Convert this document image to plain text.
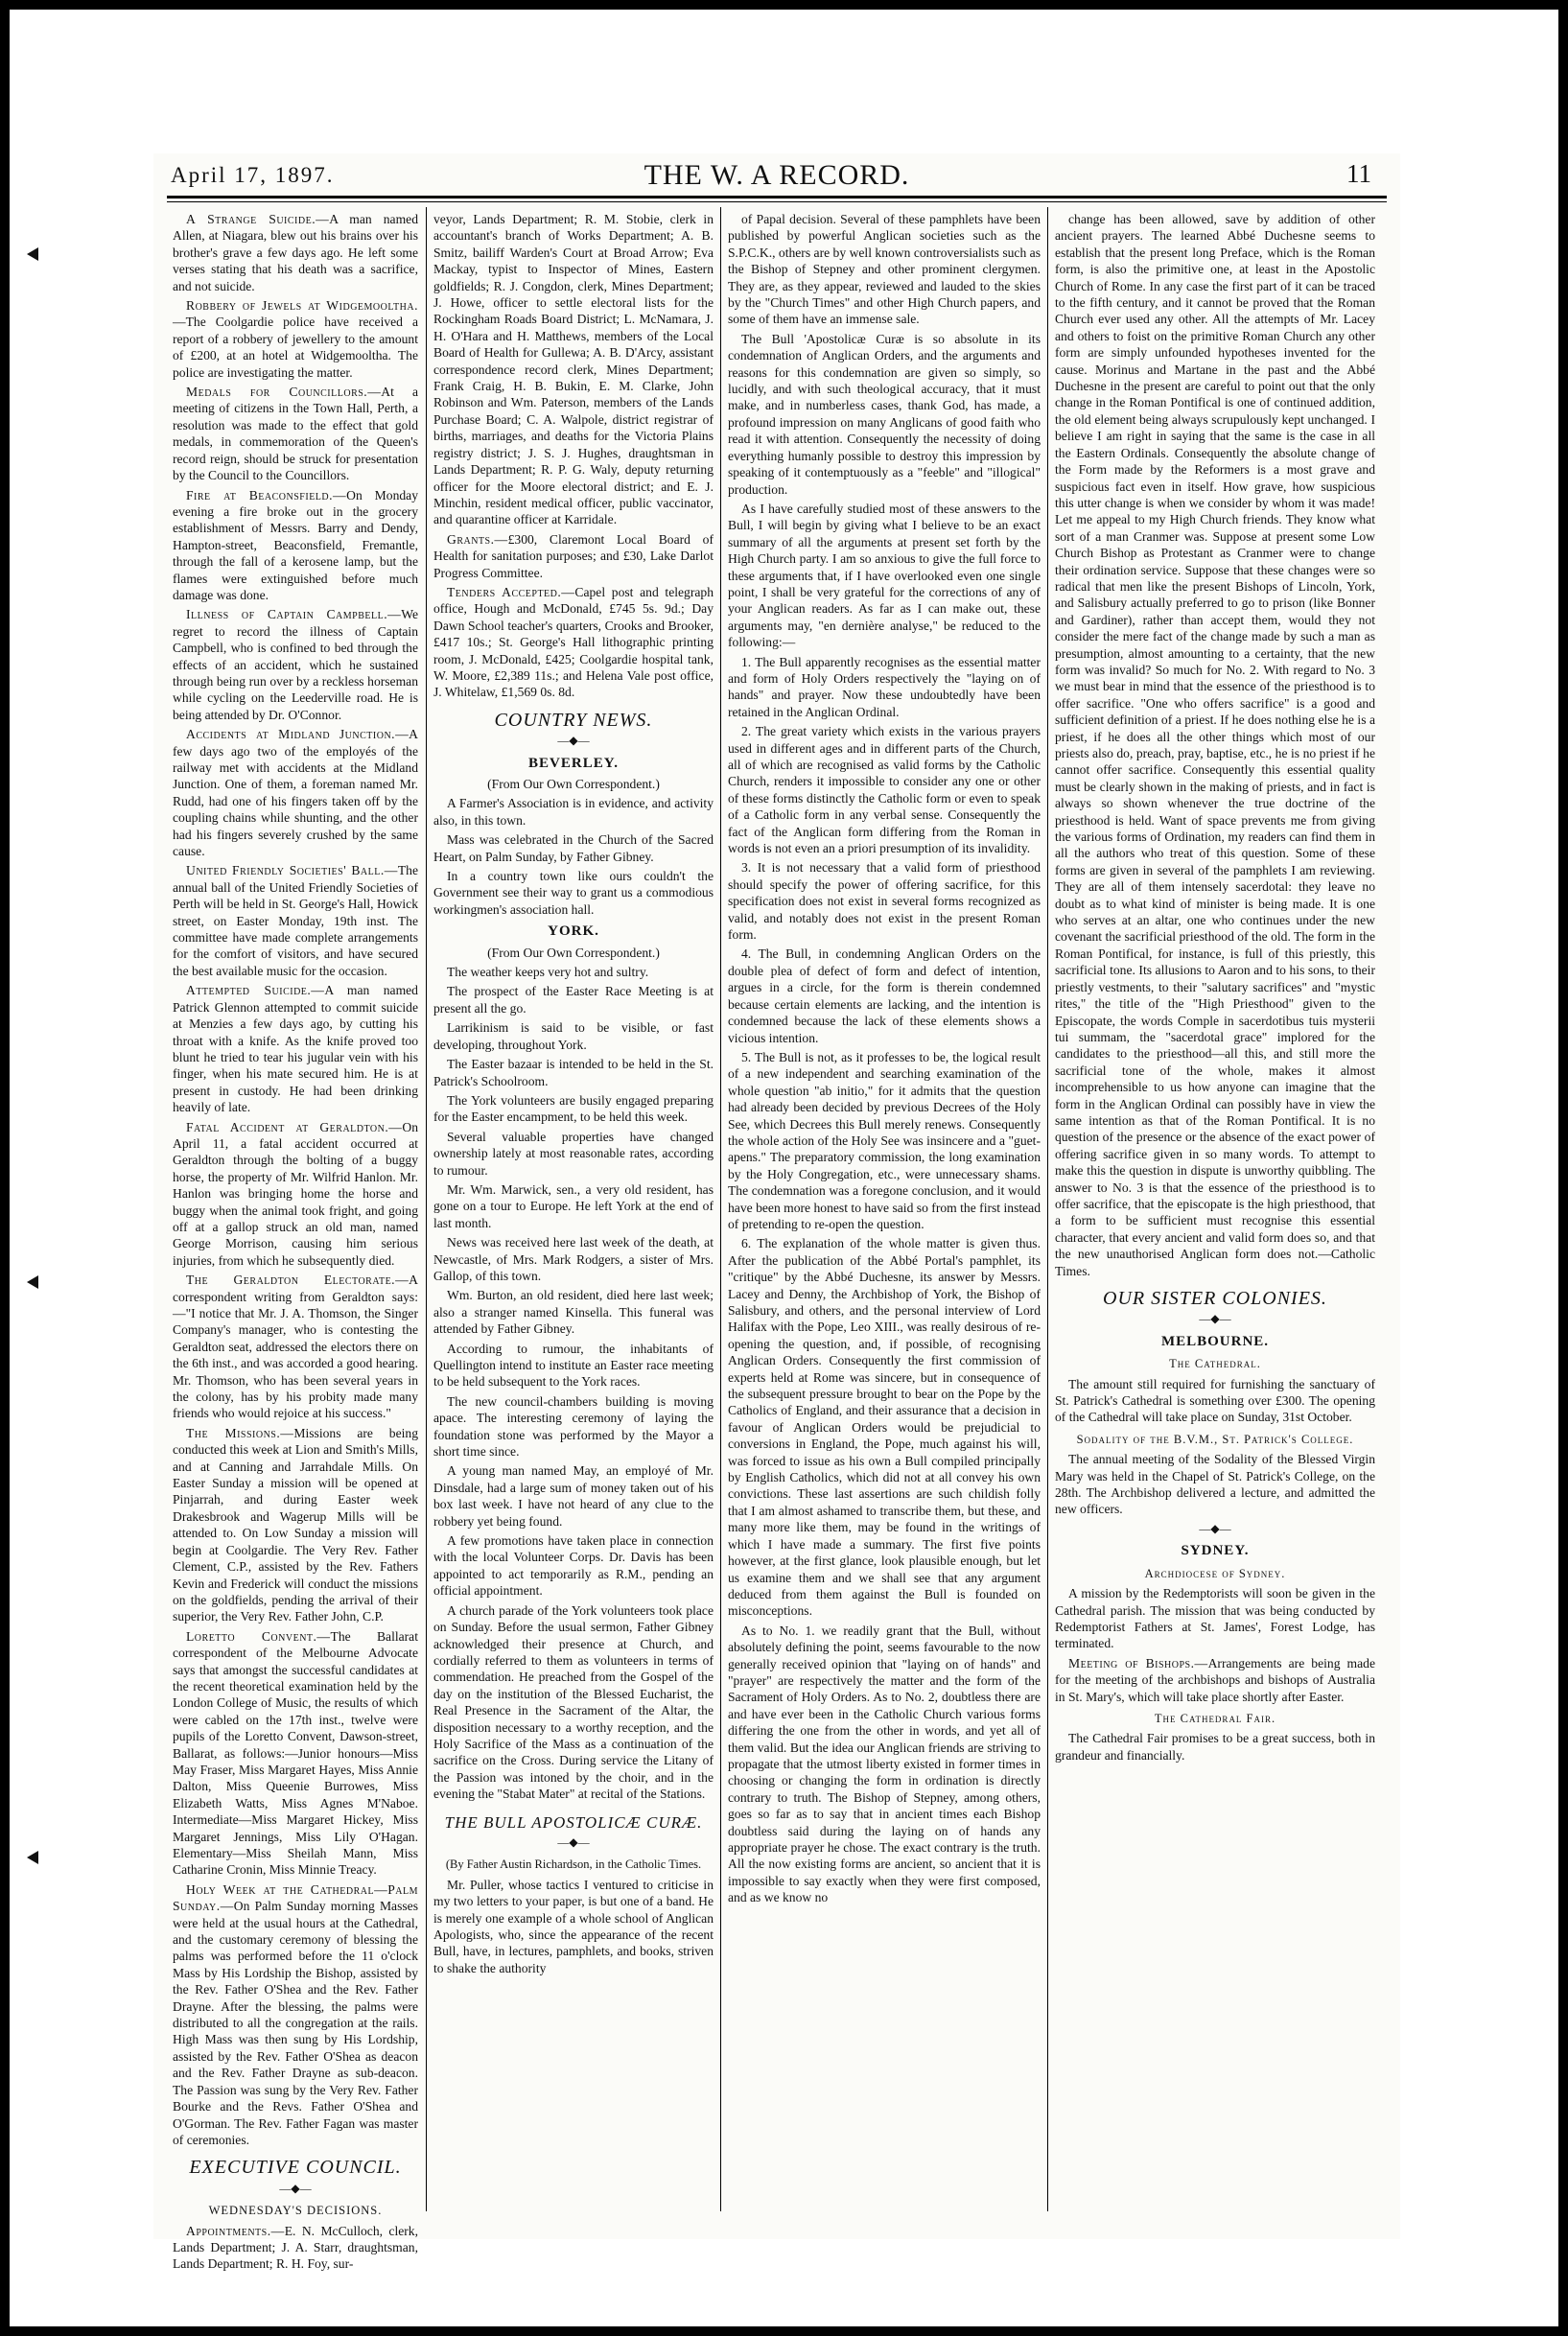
April 17, 1897.	THE W. A RECORD.	11

A Strange Suicide.—A man named Allen, at Niagara, blew out his brains over his brother's grave a few days ago. He left some verses stating that his death was a sacrifice, and not suicide.

Robbery of Jewels at Widgemooltha.—The Coolgardie police have received a report of a robbery of jewellery to the amount of £200, at an hotel at Widgemooltha. The police are investigating the matter.

Medals for Councillors.—At a meeting of citizens in the Town Hall, Perth, a resolution was made to the effect that gold medals, in commemoration of the Queen's record reign, should be struck for presentation by the Council to the Councillors.

Fire at Beaconsfield.—On Monday evening a fire broke out in the grocery establishment of Messrs. Barry and Dendy, Hampton-street, Beaconsfield, Fremantle, through the fall of a kerosene lamp, but the flames were extinguished before much damage was done.

Illness of Captain Campbell.—We regret to record the illness of Captain Campbell, who is confined to bed through the effects of an accident, which he sustained through being run over by a reckless horseman while cycling on the Leederville road. He is being attended by Dr. O'Connor.

Accidents at Midland Junction.—A few days ago two of the employés of the railway met with accidents at the Midland Junction. One of them, a foreman named Mr. Rudd, had one of his fingers taken off by the coupling chains while shunting, and the other had his fingers severely crushed by the same cause.

United Friendly Societies' Ball.—The annual ball of the United Friendly Societies of Perth will be held in St. George's Hall, Howick street, on Easter Monday, 19th inst. The committee have made complete arrangements for the comfort of visitors, and have secured the best available music for the occasion.

Attempted Suicide.—A man named Patrick Glennon attempted to commit suicide at Menzies a few days ago, by cutting his throat with a knife. As the knife proved too blunt he tried to tear his jugular vein with his finger, when his mate secured him. He is at present in custody. He had been drinking heavily of late.

Fatal Accident at Geraldton.—On April 11, a fatal accident occurred at Geraldton through the bolting of a buggy horse, the property of Mr. Wilfrid Hanlon. Mr. Hanlon was bringing home the horse and buggy when the animal took fright, and going off at a gallop struck an old man, named George Morrison, causing him serious injuries, from which he subsequently died.

The Geraldton Electorate.—A correspondent writing from Geraldton says:—"I notice that Mr. J. A. Thomson, the Singer Company's manager, who is contesting the Geraldton seat, addressed the electors there on the 6th inst., and was accorded a good hearing. Mr. Thomson, who has been several years in the colony, has by his probity made many friends who would rejoice at his success."

The Missions.—Missions are being conducted this week at Lion and Smith's Mills, and at Canning and Jarrahdale Mills. On Easter Sunday a mission will be opened at Pinjarrah, and during Easter week Drakesbrook and Wagerup Mills will be attended to. On Low Sunday a mission will begin at Coolgardie. The Very Rev. Father Clement, C.P., assisted by the Rev. Fathers Kevin and Frederick will conduct the missions on the goldfields, pending the arrival of their superior, the Very Rev. Father John, C.P.

Loretto Convent.—The Ballarat correspondent of the Melbourne Advocate says that amongst the successful candidates at the recent theoretical examination held by the London College of Music, the results of which were cabled on the 17th inst., twelve were pupils of the Loretto Convent, Dawson-street, Ballarat, as follows:—Junior honours—Miss May Fraser, Miss Margaret Hayes, Miss Annie Dalton, Miss Queenie Burrowes, Miss Elizabeth Watts, Miss Agnes M'Naboe. Intermediate—Miss Margaret Hickey, Miss Margaret Jennings, Miss Lily O'Hagan. Elementary—Miss Sheilah Mann, Miss Catharine Cronin, Miss Minnie Treacy.

Holy Week at the Cathedral—Palm Sunday.—On Palm Sunday morning Masses were held at the usual hours at the Cathedral, and the customary ceremony of blessing the palms was performed before the 11 o'clock Mass by His Lordship the Bishop, assisted by the Rev. Father O'Shea and the Rev. Father Drayne. After the blessing, the palms were distributed to all the congregation at the rails. High Mass was then sung by His Lordship, assisted by the Rev. Father O'Shea as deacon and the Rev. Father Drayne as sub-deacon. The Passion was sung by the Very Rev. Father Bourke and the Revs. Father O'Shea and O'Gorman. The Rev. Father Fagan was master of ceremonies.

EXECUTIVE COUNCIL.

—◆—

WEDNESDAY'S DECISIONS.

Appointments.—E. N. McCulloch, clerk, Lands Department; J. A. Starr, draughtsman, Lands Department; R. H. Foy, sur-

veyor, Lands Department; R. M. Stobie, clerk in accountant's branch of Works Department; A. B. Smitz, bailiff Warden's Court at Broad Arrow; Eva Mackay, typist to Inspector of Mines, Eastern goldfields; R. J. Congdon, clerk, Mines Department; J. Howe, officer to settle electoral lists for the Rockingham Roads Board District; L. McNamara, J. H. O'Hara and H. Matthews, members of the Local Board of Health for Gullewa; A. B. D'Arcy, assistant correspondence record clerk, Mines Department; Frank Craig, H. B. Bukin, E. M. Clarke, John Robinson and Wm. Paterson, members of the Lands Purchase Board; C. A. Walpole, district registrar of births, marriages, and deaths for the Victoria Plains registry district; J. S. J. Hughes, draughtsman in Lands Department; R. P. G. Waly, deputy returning officer for the Moore electoral district; and E. J. Minchin, resident medical officer, public vaccinator, and quarantine officer at Karridale.

Grants.—£300, Claremont Local Board of Health for sanitation purposes; and £30, Lake Darlot Progress Committee.

Tenders Accepted.—Capel post and telegraph office, Hough and McDonald, £745 5s. 9d.; Day Dawn School teacher's quarters, Crooks and Brooker, £417 10s.; St. George's Hall lithographic printing room, J. McDonald, £425; Coolgardie hospital tank, W. Moore, £2,389 11s.; and Helena Vale post office, J. Whitelaw, £1,569 0s. 8d.

COUNTRY NEWS.

—◆—

BEVERLEY.

(From Our Own Correspondent.)

A Farmer's Association is in evidence, and activity also, in this town.

Mass was celebrated in the Church of the Sacred Heart, on Palm Sunday, by Father Gibney.

In a country town like ours couldn't the Government see their way to grant us a commodious workingmen's association hall.

YORK.

(From Our Own Correspondent.)

The weather keeps very hot and sultry.

The prospect of the Easter Race Meeting is at present all the go.

Larrikinism is said to be visible, or fast developing, throughout York.

The Easter bazaar is intended to be held in the St. Patrick's Schoolroom.

The York volunteers are busily engaged preparing for the Easter encampment, to be held this week.

Several valuable properties have changed ownership lately at most reasonable rates, according to rumour.

Mr. Wm. Marwick, sen., a very old resident, has gone on a tour to Europe. He left York at the end of last month.

News was received here last week of the death, at Newcastle, of Mrs. Mark Rodgers, a sister of Mrs. Gallop, of this town.

Wm. Burton, an old resident, died here last week; also a stranger named Kinsella. This funeral was attended by Father Gibney.

According to rumour, the inhabitants of Quellington intend to institute an Easter race meeting to be held subsequent to the York races.

The new council-chambers building is moving apace. The interesting ceremony of laying the foundation stone was performed by the Mayor a short time since.

A young man named May, an employé of Mr. Dinsdale, had a large sum of money taken out of his box last week. I have not heard of any clue to the robbery yet being found.

A few promotions have taken place in connection with the local Volunteer Corps. Dr. Davis has been appointed to act temporarily as R.M., pending an official appointment.

A church parade of the York volunteers took place on Sunday. Before the usual sermon, Father Gibney acknowledged their presence at Church, and cordially referred to them as volunteers in terms of commendation. He preached from the Gospel of the day on the institution of the Blessed Eucharist, the Real Presence in the Sacrament of the Altar, the disposition necessary to a worthy reception, and the Holy Sacrifice of the Mass as a continuation of the sacrifice on the Cross. During service the Litany of the Passion was intoned by the choir, and in the evening the "Stabat Mater" at recital of the Stations.

THE BULL APOSTOLICÆ CURÆ.

—◆—

(By Father Austin Richardson, in the Catholic Times.

Mr. Puller, whose tactics I ventured to criticise in my two letters to your paper, is but one of a band. He is merely one example of a whole school of Anglican Apologists, who, since the appearance of the recent Bull, have, in lectures, pamphlets, and books, striven to shake the authority

of Papal decision. Several of these pamphlets have been published by powerful Anglican societies such as the S.P.C.K., others are by well known controversialists such as the Bishop of Stepney and other prominent clergymen. They are, as they appear, reviewed and lauded to the skies by the "Church Times" and other High Church papers, and some of them have an immense sale.

The Bull 'Apostolicæ Curæ is so absolute in its condemnation of Anglican Orders, and the arguments and reasons for this condemnation are given so simply, so lucidly, and with such theological accuracy, that it must make, and in numberless cases, thank God, has made, a profound impression on many Anglicans of good faith who read it with attention. Consequently the necessity of doing everything humanly possible to destroy this impression by speaking of it contemptuously as a "feeble" and "illogical" production.

As I have carefully studied most of these answers to the Bull, I will begin by giving what I believe to be an exact summary of all the arguments at present set forth by the High Church party. I am so anxious to give the full force to these arguments that, if I have overlooked even one single point, I shall be very grateful for the corrections of any of your Anglican readers. As far as I can make out, these arguments may, "en dernière analyse," be reduced to the following:—

1. The Bull apparently recognises as the essential matter and form of Holy Orders respectively the "laying on of hands" and prayer. Now these undoubtedly have been retained in the Anglican Ordinal.

2. The great variety which exists in the various prayers used in different ages and in different parts of the Church, all of which are recognised as valid forms by the Catholic Church, renders it impossible to consider any one or other of these forms distinctly the Catholic form or even to speak of a Catholic form in any verbal sense. Consequently the fact of the Anglican form differing from the Roman in words is not even an a priori presumption of its invalidity.

3. It is not necessary that a valid form of priesthood should specify the power of offering sacrifice, for this specification does not exist in several forms recognized as valid, and notably does not exist in the present Roman form.

4. The Bull, in condemning Anglican Orders on the double plea of defect of form and defect of intention, argues in a circle, for the form is therein condemned because certain elements are lacking, and the intention is condemned because the lack of these elements shows a vicious intention.

5. The Bull is not, as it professes to be, the logical result of a new independent and searching examination of the whole question "ab initio," for it admits that the question had already been decided by previous Decrees of the Holy See, which Decrees this Bull merely renews. Consequently the whole action of the Holy See was insincere and a "guet-apens." The preparatory commission, the long examination by the Holy Congregation, etc., were unnecessary shams. The condemnation was a foregone conclusion, and it would have been more honest to have said so from the first instead of pretending to re-open the question.

6. The explanation of the whole matter is given thus. After the publication of the Abbé Portal's pamphlet, its "critique" by the Abbé Duchesne, its answer by Messrs. Lacey and Denny, the Archbishop of York, the Bishop of Salisbury, and others, and the personal interview of Lord Halifax with the Pope, Leo XIII., was really desirous of re-opening the question, and, if possible, of recognising Anglican Orders. Consequently the first commission of experts held at Rome was sincere, but in consequence of the subsequent pressure brought to bear on the Pope by the Catholics of England, and their assurance that a decision in favour of Anglican Orders would be prejudicial to conversions in England, the Pope, much against his will, was forced to issue as his own a Bull compiled principally by English Catholics, which did not at all convey his own convictions. These last assertions are such childish folly that I am almost ashamed to transcribe them, but these, and many more like them, may be found in the writings of which I have made a summary. The first five points however, at the first glance, look plausible enough, but let us examine them and we shall see that any argument deduced from them against the Bull is founded on misconceptions.

As to No. 1. we readily grant that the Bull, without absolutely defining the point, seems favourable to the now generally received opinion that "laying on of hands" and "prayer" are respectively the matter and the form of the Sacrament of Holy Orders. As to No. 2, doubtless there are and have ever been in the Catholic Church various forms differing the one from the other in words, and yet all of them valid. But the idea our Anglican friends are striving to propagate that the utmost liberty existed in former times in choosing or changing the form in ordination is directly contrary to truth. The Bishop of Stepney, among others, goes so far as to say that in ancient times each Bishop doubtless said during the laying on of hands any appropriate prayer he chose. The exact contrary is the truth. All the now existing forms are ancient, so ancient that it is impossible to say exactly when they were first composed, and as we know no

change has been allowed, save by addition of other ancient prayers. The learned Abbé Duchesne seems to establish that the present long Preface, which is the Roman form, is also the primitive one, at least in the Apostolic Church of Rome. In any case the first part of it can be traced to the fifth century, and it cannot be proved that the Roman Church ever used any other. All the attempts of Mr. Lacey and others to foist on the primitive Roman Church any other form are simply unfounded hypotheses invented for the cause. Morinus and Martane in the past and the Abbé Duchesne in the present are careful to point out that the only change in the Roman Pontifical is one of continued addition, the old element being always scrupulously kept unchanged. I believe I am right in saying that the same is the case in all the Eastern Ordinals. Consequently the absolute change of the Form made by the Reformers is a most grave and suspicious fact even in itself. How grave, how suspicious this utter change is when we consider by whom it was made! Let me appeal to my High Church friends. They know what sort of a man Cranmer was. Suppose at present some Low Church Bishop as Protestant as Cranmer were to change their ordination service. Suppose that these changes were so radical that men like the present Bishops of Lincoln, York, and Salisbury actually preferred to go to prison (like Bonner and Gardiner), rather than accept them, would they not consider the mere fact of the change made by such a man as presumption, almost amounting to a certainty, that the new form was invalid? So much for No. 2. With regard to No. 3 we must bear in mind that the essence of the priesthood is to offer sacrifice. "One who offers sacrifice" is a good and sufficient definition of a priest. If he does nothing else he is a priest, if he does all the other things which most of our priests also do, preach, pray, baptise, etc., he is no priest if he cannot offer sacrifice. Consequently this essential quality must be clearly shown in the making of priests, and in fact is always so shown whenever the true doctrine of the priesthood is held. Want of space prevents me from giving the various forms of Ordination, my readers can find them in all the authors who treat of this question. Some of these forms are given in several of the pamphlets I am reviewing. They are all of them intensely sacerdotal: they leave no doubt as to what kind of minister is being made. It is one who serves at an altar, one who continues under the new covenant the sacrificial priesthood of the old. The form in the Roman Pontifical, for instance, is full of this priestly, this sacrificial tone. Its allusions to Aaron and to his sons, to their priestly vestments, to their "salutary sacrifices" and "mystic rites," the title of the "High Priesthood" given to the Episcopate, the words Comple in sacerdotibus tuis mysterii tui summam, the "sacerdotal grace" implored for the candidates to the priesthood—all this, and still more the sacrificial tone of the whole, makes it almost incomprehensible to us how anyone can imagine that the form in the Anglican Ordinal can possibly have in view the same intention as that of the Roman Pontifical. It is no question of the presence or the absence of the exact power of offering sacrifice given in so many words. To attempt to make this the question in dispute is unworthy quibbling. The answer to No. 3 is that the essence of the priesthood is to offer sacrifice, that the episcopate is the high priesthood, that a form to be sufficient must recognise this essential character, that every ancient and valid form does so, and that the new unauthorised Anglican form does not.—Catholic Times.

OUR SISTER COLONIES.

—◆—

MELBOURNE.
The Cathedral.

The amount still required for furnishing the sanctuary of St. Patrick's Cathedral is something over £300. The opening of the Cathedral will take place on Sunday, 31st October.

Sodality of the B.V.M., St. Patrick's College.

The annual meeting of the Sodality of the Blessed Virgin Mary was held in the Chapel of St. Patrick's College, on the 28th. The Archbishop delivered a lecture, and admitted the new officers.

—◆—

SYDNEY.
Archdiocese of Sydney.

A mission by the Redemptorists will soon be given in the Cathedral parish. The mission that was being conducted by Redemptorist Fathers at St. James', Forest Lodge, has terminated.

Meeting of Bishops.—Arrangements are being made for the meeting of the archbishops and bishops of Australia in St. Mary's, which will take place shortly after Easter.

The Cathedral Fair.

The Cathedral Fair promises to be a great success, both in grandeur and financially.
